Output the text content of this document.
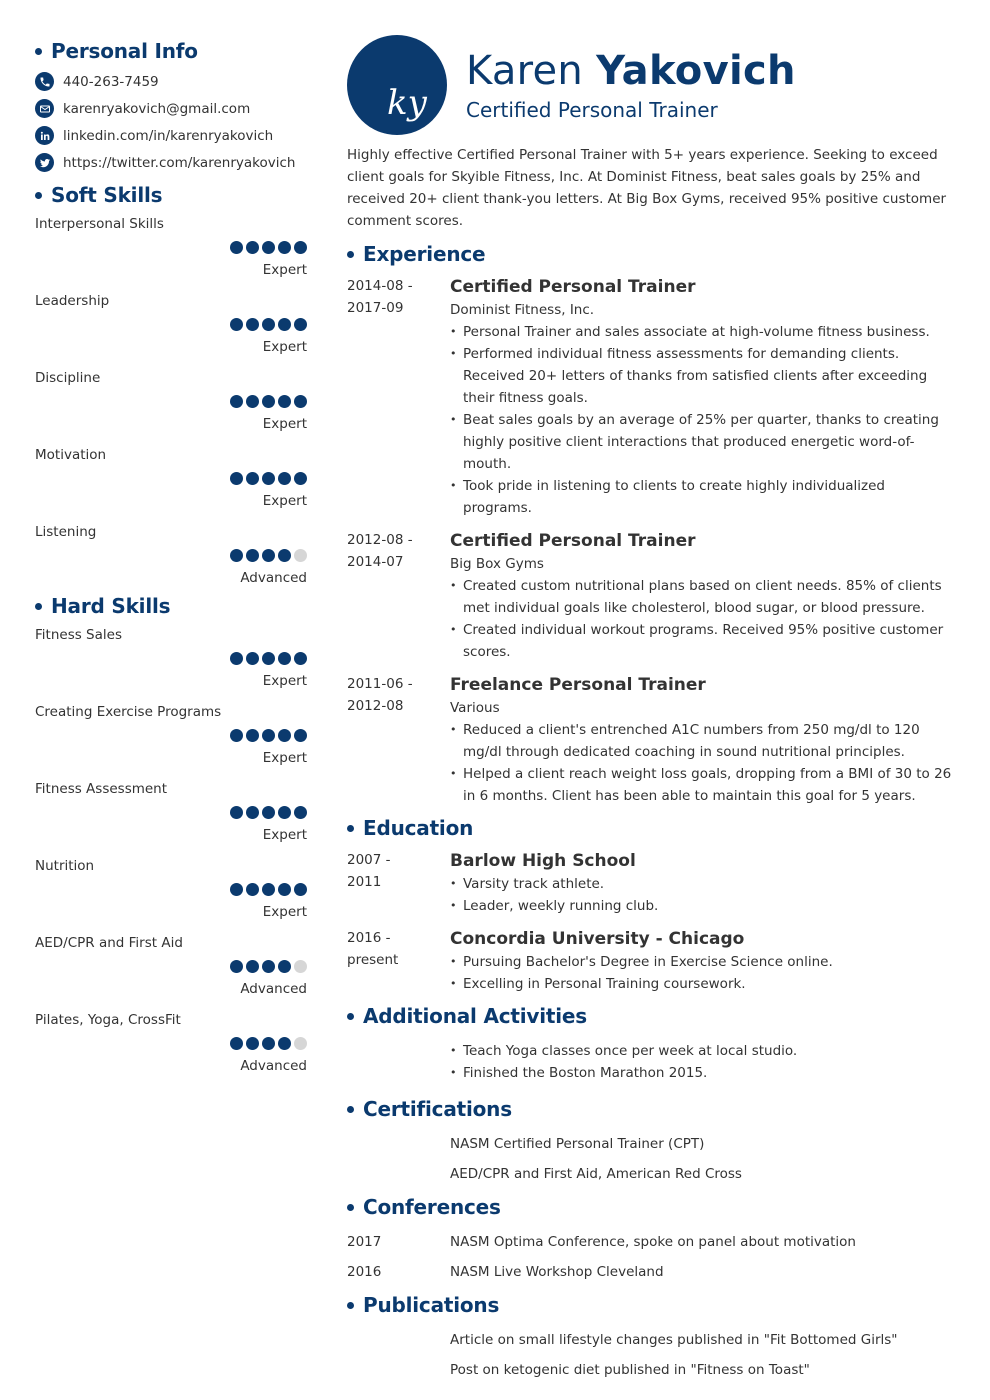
Personal Info
440-263-7459
karenryakovich@gmail.com
linkedin.com/in/karenryakovich
https://twitter.com/karenryakovich
Soft Skills
Interpersonal Skills
Expert
Leadership
Expert
Discipline
Expert
Motivation
Expert
Listening
Advanced
Hard Skills
Fitness Sales
Expert
Creating Exercise Programs
Expert
Fitness Assessment
Expert
Nutrition
Expert
AED/CPR and First Aid
Advanced
Pilates, Yoga, CrossFit
Advanced
ky
Karen Yakovich
Certified Personal Trainer
Highly effective Certified Personal Trainer with 5+ years experience. Seeking to exceed client goals for Skyible Fitness, Inc. At Dominist Fitness, beat sales goals by 25% and received 20+ client thank-you letters. At Big Box Gyms, received 95% positive customer comment scores.
Experience
2014-08 -
2017-09
Certified Personal Trainer
Dominist Fitness, Inc.
• Personal Trainer and sales associate at high-volume fitness business.
• Performed individual fitness assessments for demanding clients. Received 20+ letters of thanks from satisfied clients after exceeding their fitness goals.
• Beat sales goals by an average of 25% per quarter, thanks to creating highly positive client interactions that produced energetic word-of-mouth.
• Took pride in listening to clients to create highly individualized programs.
2012-08 -
2014-07
Certified Personal Trainer
Big Box Gyms
• Created custom nutritional plans based on client needs. 85% of clients met individual goals like cholesterol, blood sugar, or blood pressure.
• Created individual workout programs. Received 95% positive customer scores.
2011-06 -
2012-08
Freelance Personal Trainer
Various
• Reduced a client's entrenched A1C numbers from 250 mg/dl to 120 mg/dl through dedicated coaching in sound nutritional principles.
• Helped a client reach weight loss goals, dropping from a BMI of 30 to 26 in 6 months. Client has been able to maintain this goal for 5 years.
Education
2007 -
2011
Barlow High School
• Varsity track athlete.
• Leader, weekly running club.
2016 -
present
Concordia University - Chicago
• Pursuing Bachelor's Degree in Exercise Science online.
• Excelling in Personal Training coursework.
Additional Activities
• Teach Yoga classes once per week at local studio.
• Finished the Boston Marathon 2015.
Certifications
NASM Certified Personal Trainer (CPT)
AED/CPR and First Aid, American Red Cross
Conferences
2017	NASM Optima Conference, spoke on panel about motivation
2016	NASM Live Workshop Cleveland
Publications
Article on small lifestyle changes published in "Fit Bottomed Girls"
Post on ketogenic diet published in "Fitness on Toast"
